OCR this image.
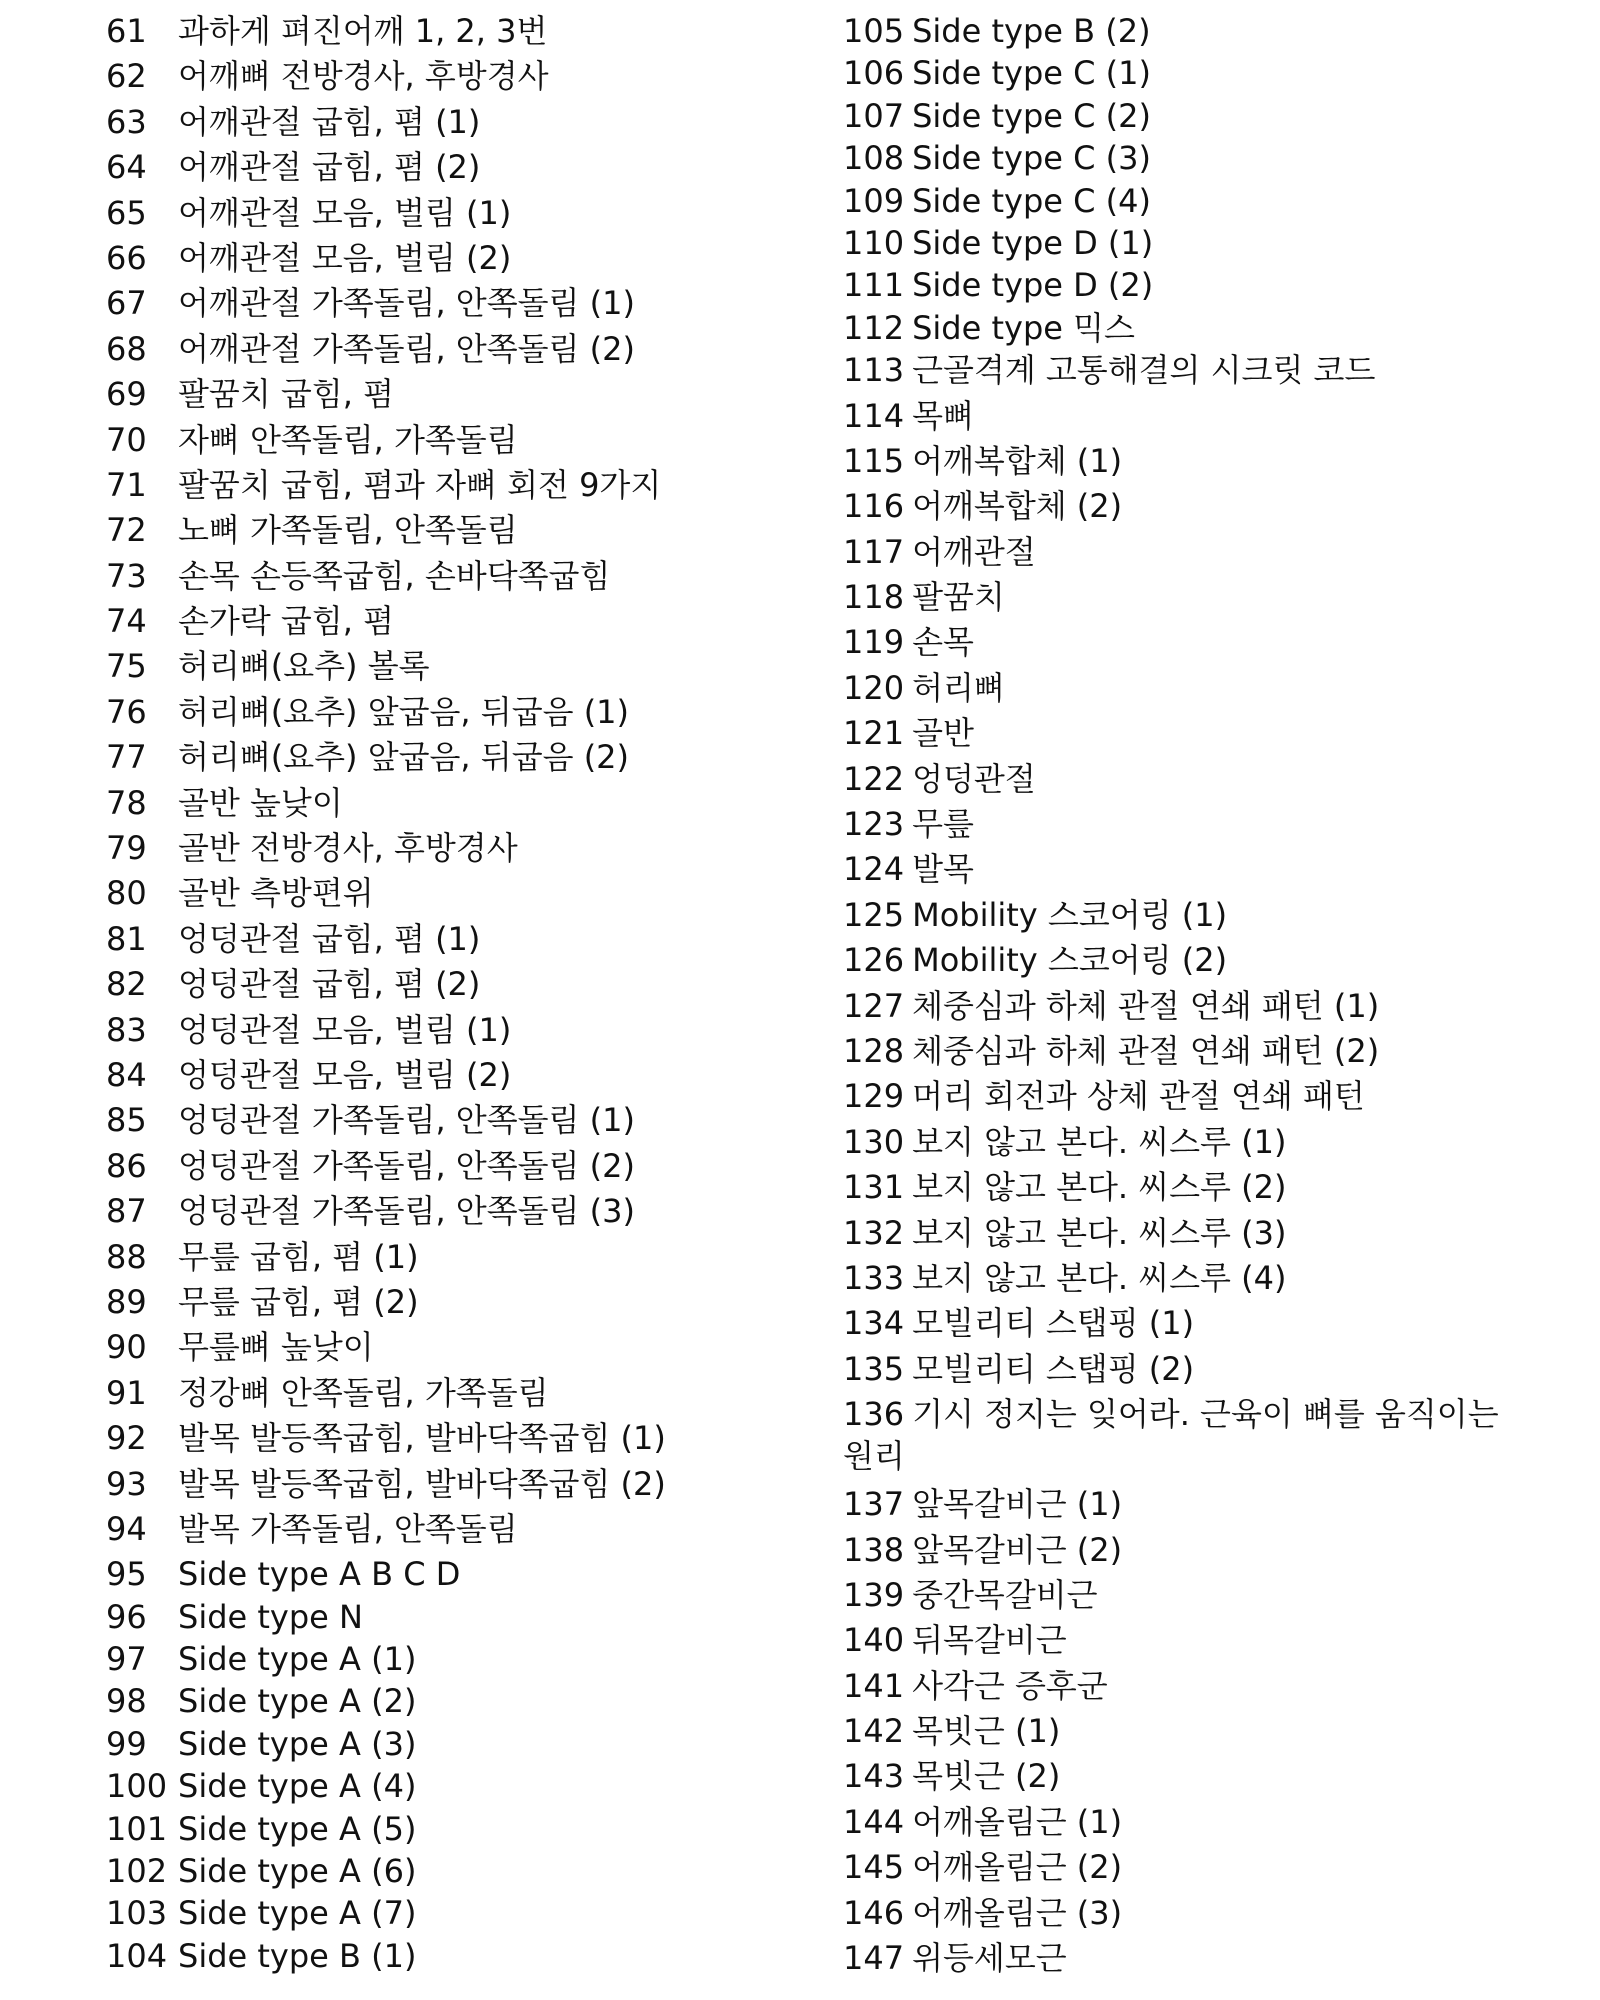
61 과하게 펴진어깨 1, 2, 3번
62 어깨뼈 전방경사, 후방경사
63 어깨관절 굽힘, 폄 (1)
64 어깨관절 굽힘, 폄 (2)
65 어깨관절 모음, 벌림 (1)
66 어깨관절 모음, 벌림 (2)
67 어깨관절 가쪽돌림, 안쪽돌림 (1)
68 어깨관절 가쪽돌림, 안쪽돌림 (2)
69 팔꿈치 굽힘, 폄
70 자뼈 안쪽돌림, 가쪽돌림
71 팔꿈치 굽힘, 폄과 자뼈 회전 9가지
72 노뼈 가쪽돌림, 안쪽돌림
73 손목 손등쪽굽힘, 손바닥쪽굽힘
74 손가락 굽힘, 폄
75 허리뼈(요추) 볼록
76 허리뼈(요추) 앞굽음, 뒤굽음 (1)
77 허리뼈(요추) 앞굽음, 뒤굽음 (2)
78 골반 높낮이
79 골반 전방경사, 후방경사
80 골반 측방편위
81 엉덩관절 굽힘, 폄 (1)
82 엉덩관절 굽힘, 폄 (2)
83 엉덩관절 모음, 벌림 (1)
84 엉덩관절 모음, 벌림 (2)
85 엉덩관절 가쪽돌림, 안쪽돌림 (1)
86 엉덩관절 가쪽돌림, 안쪽돌림 (2)
87 엉덩관절 가쪽돌림, 안쪽돌림 (3)
88 무릎 굽힘, 폄 (1)
89 무릎 굽힘, 폄 (2)
90 무릎뼈 높낮이
91 정강뼈 안쪽돌림, 가쪽돌림
92 발목 발등쪽굽힘, 발바닥쪽굽힘 (1)
93 발목 발등쪽굽힘, 발바닥쪽굽힘 (2)
94 발목 가쪽돌림, 안쪽돌림
95 Side type A B C D
96 Side type N
97 Side type A (1)
98 Side type A (2)
99 Side type A (3)
100 Side type A (4)
101 Side type A (5)
102 Side type A (6)
103 Side type A (7)
104 Side type B (1)
105 Side type B (2)
106 Side type C (1)
107 Side type C (2)
108 Side type C (3)
109 Side type C (4)
110 Side type D (1)
111 Side type D (2)
112 Side type 믹스
113 근골격계 고통해결의 시크릿 코드
114 목뼈
115 어깨복합체 (1)
116 어깨복합체 (2)
117 어깨관절
118 팔꿈치
119 손목
120 허리뼈
121 골반
122 엉덩관절
123 무릎
124 발목
125 Mobility 스코어링 (1)
126 Mobility 스코어링 (2)
127 체중심과 하체 관절 연쇄 패턴 (1)
128 체중심과 하체 관절 연쇄 패턴 (2)
129 머리 회전과 상체 관절 연쇄 패턴
130 보지 않고 본다. 씨스루 (1)
131 보지 않고 본다. 씨스루 (2)
132 보지 않고 본다. 씨스루 (3)
133 보지 않고 본다. 씨스루 (4)
134 모빌리티 스탭핑 (1)
135 모빌리티 스탭핑 (2)
136 기시 정지는 잊어라. 근육이 뼈를 움직이는 원리
137 앞목갈비근 (1)
138 앞목갈비근 (2)
139 중간목갈비근
140 뒤목갈비근
141 사각근 증후군
142 목빗근 (1)
143 목빗근 (2)
144 어깨올림근 (1)
145 어깨올림근 (2)
146 어깨올림근 (3)
147 위등세모근
